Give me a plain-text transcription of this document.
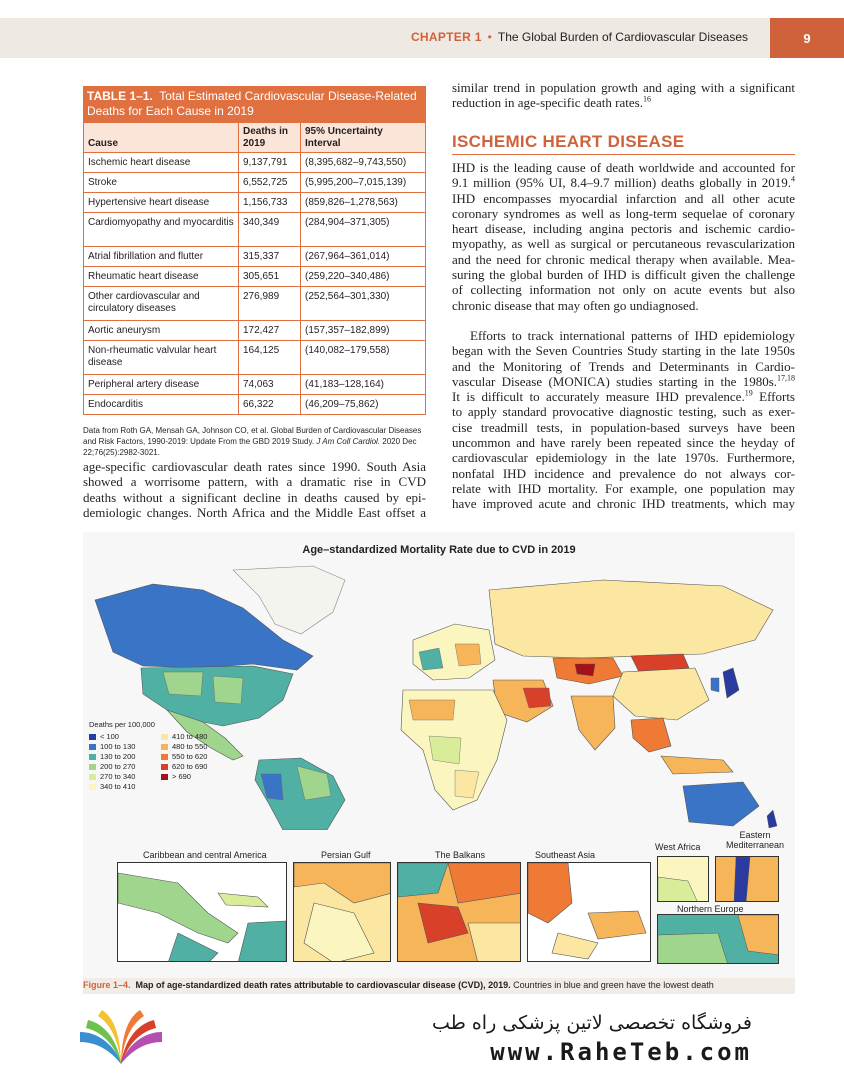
CHAPTER 1 • The Global Burden of Cardiovascular Diseases	9
TABLE 1–1. Total Estimated Cardiovascular Disease-Related Deaths for Each Cause in 2019
Cause	Deaths in 2019	95% Uncertainty Interval
Ischemic heart disease	9,137,791	(8,395,682–9,743,550)
Stroke	6,552,725	(5,995,200–7,015,139)
Hypertensive heart disease	1,156,733	(859,826–1,278,563)
Cardiomyopathy and myocarditis	340,349	(284,904–371,305)
Atrial fibrillation and flutter	315,337	(267,964–361,014)
Rheumatic heart disease	305,651	(259,220–340,486)
Other cardiovascular and circulatory diseases	276,989	(252,564–301,330)
Aortic aneurysm	172,427	(157,357–182,899)
Non-rheumatic valvular heart disease	164,125	(140,082–179,558)
Peripheral artery disease	74,063	(41,183–128,164)
Endocarditis	66,322	(46,209–75,862)
Data from Roth GA, Mensah GA, Johnson CO, et al. Global Burden of Cardiovascular Diseases and Risk Factors, 1990-2019: Update From the GBD 2019 Study. J Am Coll Cardiol. 2020 Dec 22;76(25):2982-3021.
age-specific cardiovascular death rates since 1990. South Asia
showed a worrisome pattern, with a dramatic rise in CVD
deaths without a significant decline in deaths caused by epi-
demiologic changes. North Africa and the Middle East offset a
similar trend in population growth and aging with a significant
reduction in age-specific death rates.$^{16}$
ISCHEMIC HEART DISEASE
IHD is the leading cause of death worldwide and accounted for
9.1 million (95% UI, 8.4–9.7 million) deaths globally in 2019.$^4$
IHD encompasses myocardial infarction and all other acute
coronary syndromes as well as long-term sequelae of coronary
heart disease, including angina pectoris and ischemic cardio-
myopathy, as well as surgical or percutaneous revascularization
and the need for chronic medical therapy when available. Mea-
suring the global burden of IHD is difficult given the challenge
of collecting information not only on acute events but also
chronic disease that may often go undiagnosed.
Efforts to track international patterns of IHD epidemiology
began with the Seven Countries Study starting in the late 1950s
and the Monitoring of Trends and Determinants in Cardio-
vascular Disease (MONICA) studies starting in the 1980s.$^{17,18}$
It is difficult to accurately measure IHD prevalence.$^{19}$ Efforts
to apply standard provocative diagnostic testing, such as exer-
cise treadmill tests, in population-based surveys have been
uncommon and have rarely been repeated since the heyday of
cardiovascular epidemiology in the late 1970s. Furthermore,
nonfatal IHD incidence and prevalence do not always cor-
relate with IHD mortality. For example, one population may
have improved acute and chronic IHD treatments, which may
Age–standardized Mortality Rate due to CVD in 2019
Deaths per 100,000
< 100	410 to 480
100 to 130	480 to 550
130 to 200	550 to 620
200 to 270	620 to 690
270 to 340	> 690
340 to 410
Caribbean and central America	Persian Gulf	The Balkans	Southeast Asia
West Africa
Eastern Mediterranean
Northern Europe
Figure 1–4. Map of age-standardized death rates attributable to cardiovascular disease (CVD), 2019. Countries in blue and green have the lowest death
فروشگاه تخصصی لاتین پزشکی راه طب
www.RaheTeb.com
